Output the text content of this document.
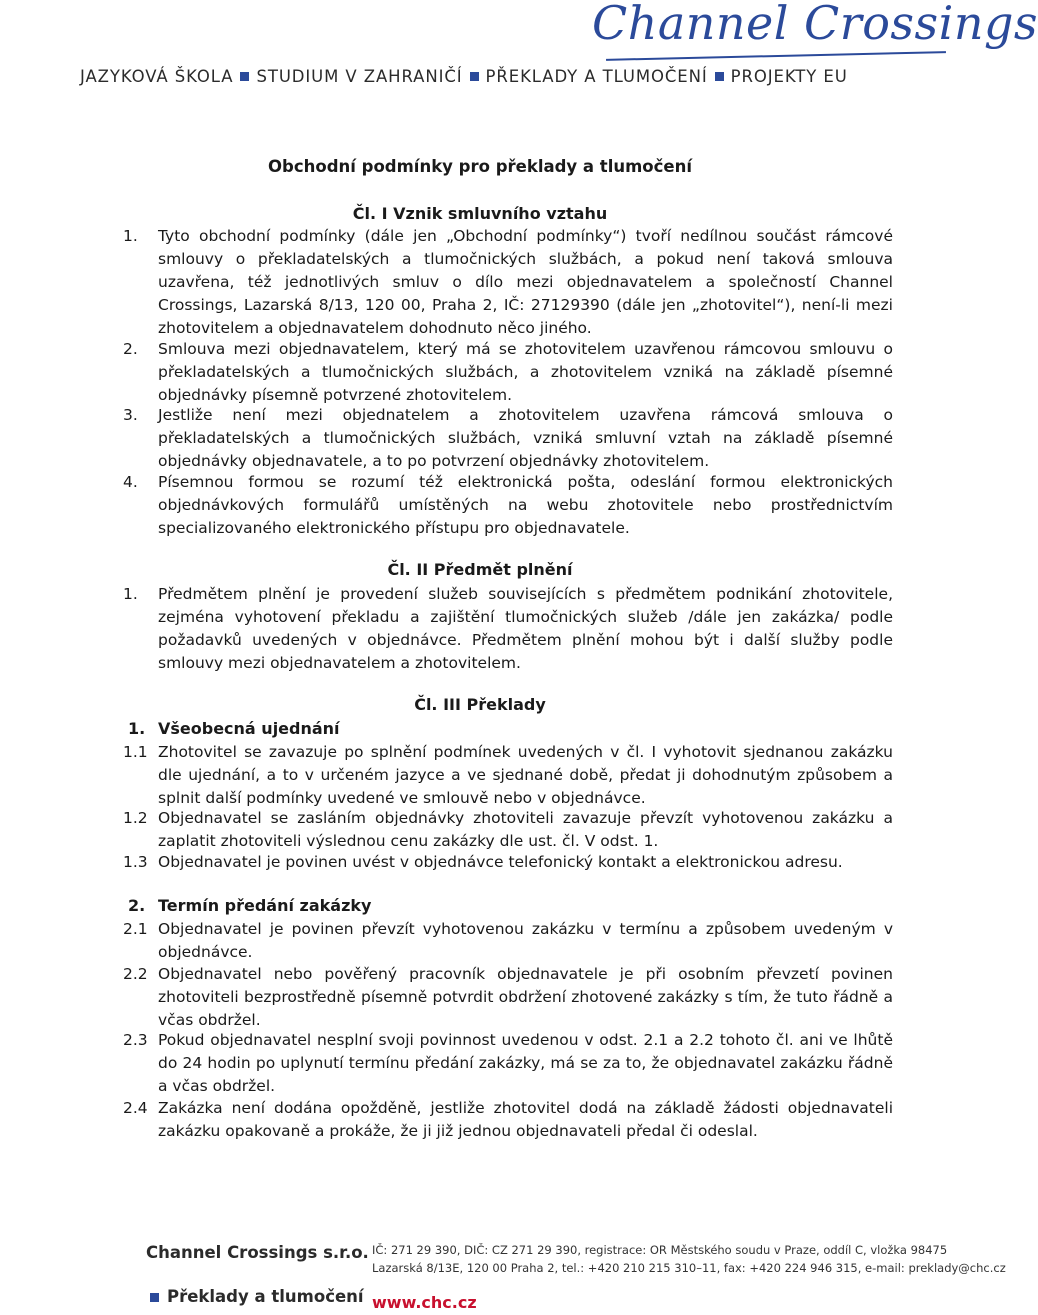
Channel Crossings
JAZYKOVÁ ŠKOLA STUDIUM V ZAHRANIČÍ PŘEKLADY A TLUMOČENÍ PROJEKTY EU
Obchodní podmínky pro překlady a tlumočení
Čl. I Vznik smluvního vztahu
1.	Tyto obchodní podmínky (dále jen „Obchodní podmínky“) tvoří nedílnou součást rámcové smlouvy o překladatelských a tlumočnických službách, a pokud není taková smlouva uzavřena, též jednotlivých smluv o dílo mezi objednavatelem a společností Channel Crossings, Lazarská 8/13, 120 00, Praha 2, IČ: 27129390 (dále jen „zhotovitel“), není-li mezi zhotovitelem a objednavatelem dohodnuto něco jiného.
2.	Smlouva mezi objednavatelem, který má se zhotovitelem uzavřenou rámcovou smlouvu o překladatelských a tlumočnických službách, a zhotovitelem vzniká na základě písemné objednávky písemně potvrzené zhotovitelem.
3.	Jestliže není mezi objednatelem a zhotovitelem uzavřena rámcová smlouva o překladatelských a tlumočnických službách, vzniká smluvní vztah na základě písemné objednávky objednavatele, a to po potvrzení objednávky zhotovitelem.
4.	Písemnou formou se rozumí též elektronická pošta, odeslání formou elektronických objednávkových formulářů umístěných na webu zhotovitele nebo prostřednictvím specializovaného elektronického přístupu pro objednavatele.
Čl. II Předmět plnění
1.	Předmětem plnění je provedení služeb souvisejících s předmětem podnikání zhotovitele, zejména vyhotovení překladu a zajištění tlumočnických služeb /dále jen zakázka/ podle požadavků uvedených v objednávce. Předmětem plnění mohou být i další služby podle smlouvy mezi objednavatelem a zhotovitelem.
Čl. III Překlady
1. Všeobecná ujednání
1.1 Zhotovitel se zavazuje po splnění podmínek uvedených v čl. I vyhotovit sjednanou zakázku dle ujednání, a to v určeném jazyce a ve sjednané době, předat ji dohodnutým způsobem a splnit další podmínky uvedené ve smlouvě nebo v objednávce.
1.2 Objednavatel se zasláním objednávky zhotoviteli zavazuje převzít vyhotovenou zakázku a zaplatit zhotoviteli výslednou cenu zakázky dle ust. čl. V odst. 1.
1.3 Objednavatel je povinen uvést v objednávce telefonický kontakt a elektronickou adresu.
2. Termín předání zakázky
2.1 Objednavatel je povinen převzít vyhotovenou zakázku v termínu a způsobem uvedeným v objednávce.
2.2 Objednavatel nebo pověřený pracovník objednavatele je při osobním převzetí povinen zhotoviteli bezprostředně písemně potvrdit obdržení zhotovené zakázky s tím, že tuto řádně a včas obdržel.
2.3 Pokud objednavatel nesplní svoji povinnost uvedenou v odst. 2.1 a 2.2 tohoto čl. ani ve lhůtě do 24 hodin po uplynutí termínu předání zakázky, má se za to, že objednavatel zakázku řádně a včas obdržel.
2.4 Zakázka není dodána opožděně, jestliže zhotovitel dodá na základě žádosti objednavateli zakázku opakovaně a prokáže, že ji již jednou objednavateli předal či odeslal.
Channel Crossings s.r.o.
Překlady a tlumočení
IČ: 271 29 390, DIČ: CZ 271 29 390, registrace: OR Městského soudu v Praze, oddíl C, vložka 98475
Lazarská 8/13E, 120 00 Praha 2, tel.: +420 210 215 310–11, fax: +420 224 946 315, e-mail: preklady@chc.cz
www.chc.cz
